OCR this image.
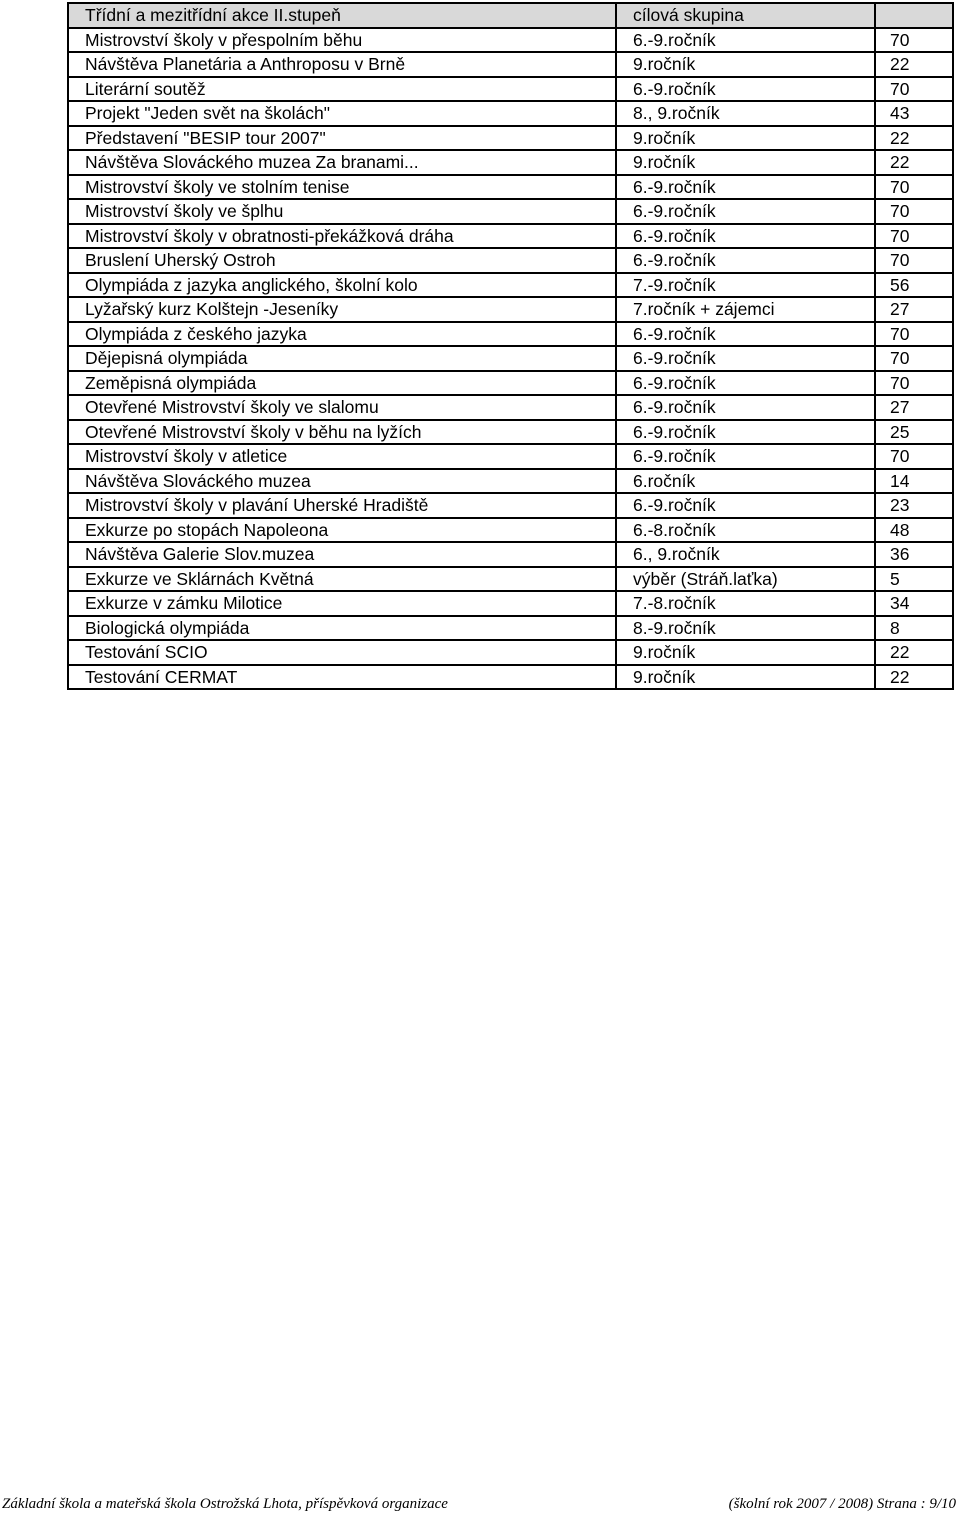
Třídní a mezitřídní akce II.stupeň	cílová skupina	
Mistrovství školy v přespolním běhu	6.-9.ročník	70
Návštěva Planetária a Anthroposu v Brně	9.ročník	22
Literární soutěž	6.-9.ročník	70
Projekt "Jeden svět na školách"	8., 9.ročník	43
Představení "BESIP tour 2007"	9.ročník	22
Návštěva Slováckého muzea Za branami...	9.ročník	22
Mistrovství školy ve stolním tenise	6.-9.ročník	70
Mistrovství školy ve šplhu	6.-9.ročník	70
Mistrovství školy v obratnosti-překážková dráha	6.-9.ročník	70
Bruslení Uherský Ostroh	6.-9.ročník	70
Olympiáda z jazyka anglického, školní kolo	7.-9.ročník	56
Lyžařský kurz Kolštejn -Jeseníky	7.ročník + zájemci	27
Olympiáda z českého jazyka	6.-9.ročník	70
Dějepisná olympiáda	6.-9.ročník	70
Zeměpisná olympiáda	6.-9.ročník	70
Otevřené Mistrovství školy ve slalomu	6.-9.ročník	27
Otevřené Mistrovství školy v běhu na lyžích	6.-9.ročník	25
Mistrovství školy v atletice	6.-9.ročník	70
Návštěva Slováckého muzea	6.ročník	14
Mistrovství školy v plavání Uherské Hradiště	6.-9.ročník	23
Exkurze po stopách Napoleona	6.-8.ročník	48
Návštěva Galerie Slov.muzea	6., 9.ročník	36
Exkurze ve Sklárnách Květná	výběr (Stráň.laťka)	5
Exkurze v zámku Milotice	7.-8.ročník	34
Biologická olympiáda	8.-9.ročník	8
Testování SCIO	9.ročník	22
Testování CERMAT	9.ročník	22
Základní škola a mateřská škola Ostrožská Lhota, příspěvková organizace	(školní rok 2007 / 2008) Strana : 9/10
